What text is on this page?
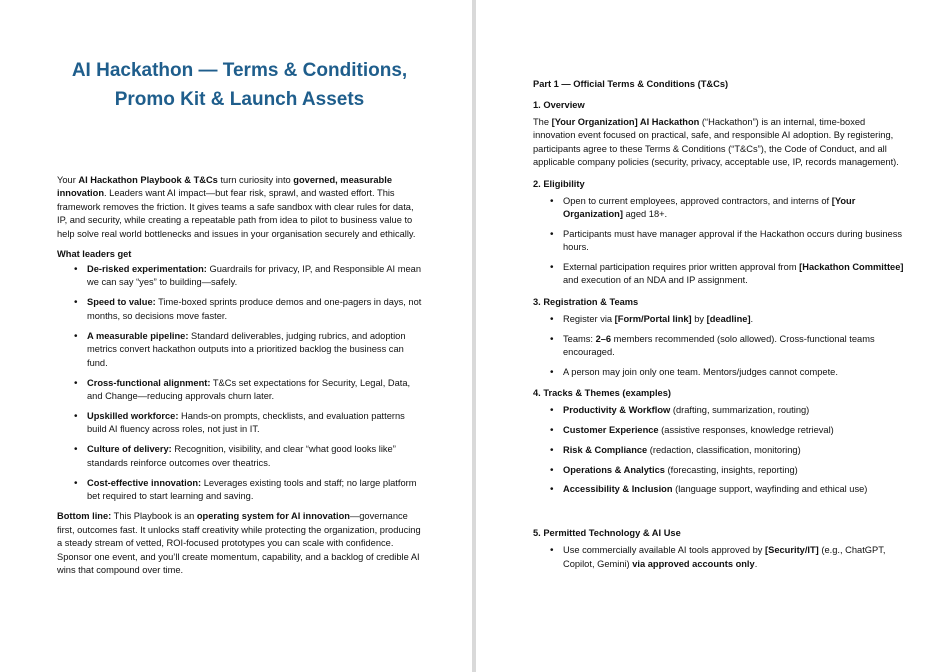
AI Hackathon — Terms & Conditions,
Promo Kit & Launch Assets

Your AI Hackathon Playbook & T&Cs turn curiosity into governed, measurable innovation. Leaders want AI impact—but fear risk, sprawl, and wasted effort. This framework removes the friction. It gives teams a safe sandbox with clear rules for data, IP, and security, while creating a repeatable path from idea to pilot to business value to help solve real world bottlenecks and issues in your organisation securely and ethically.

What leaders get
• De-risked experimentation: Guardrails for privacy, IP, and Responsible AI mean we can say “yes” to building—safely.
• Speed to value: Time-boxed sprints produce demos and one-pagers in days, not months, so decisions move faster.
• A measurable pipeline: Standard deliverables, judging rubrics, and adoption metrics convert hackathon outputs into a prioritized backlog the business can fund.
• Cross-functional alignment: T&Cs set expectations for Security, Legal, Data, and Change—reducing approvals churn later.
• Upskilled workforce: Hands-on prompts, checklists, and evaluation patterns build AI fluency across roles, not just in IT.
• Culture of delivery: Recognition, visibility, and clear “what good looks like” standards reinforce outcomes over theatrics.
• Cost-effective innovation: Leverages existing tools and staff; no large platform bet required to start learning and saving.

Bottom line: This Playbook is an operating system for AI innovation—governance first, outcomes fast. It unlocks staff creativity while protecting the organization, producing a steady stream of vetted, ROI-focused prototypes you can scale with confidence. Sponsor one event, and you’ll create momentum, capability, and a backlog of credible AI wins that compound over time.

Part 1 — Official Terms & Conditions (T&Cs)
1. Overview

The [Your Organization] AI Hackathon (“Hackathon”) is an internal, time-boxed innovation event focused on practical, safe, and responsible AI adoption. By registering, participants agree to these Terms & Conditions (“T&Cs”), the Code of Conduct, and all applicable company policies (security, privacy, acceptable use, IP, records management).

2. Eligibility
• Open to current employees, approved contractors, and interns of [Your Organization] aged 18+.
• Participants must have manager approval if the Hackathon occurs during business hours.
• External participation requires prior written approval from [Hackathon Committee] and execution of an NDA and IP assignment.
3. Registration & Teams
• Register via [Form/Portal link] by [deadline].
• Teams: 2–6 members recommended (solo allowed). Cross-functional teams encouraged.
• A person may join only one team. Mentors/judges cannot compete.
4. Tracks & Themes (examples)
• Productivity & Workflow (drafting, summarization, routing)
• Customer Experience (assistive responses, knowledge retrieval)
• Risk & Compliance (redaction, classification, monitoring)
• Operations & Analytics (forecasting, insights, reporting)
• Accessibility & Inclusion (language support, wayfinding and ethical use)
5. Permitted Technology & AI Use
• Use commercially available AI tools approved by [Security/IT] (e.g., ChatGPT, Copilot, Gemini) via approved accounts only.
